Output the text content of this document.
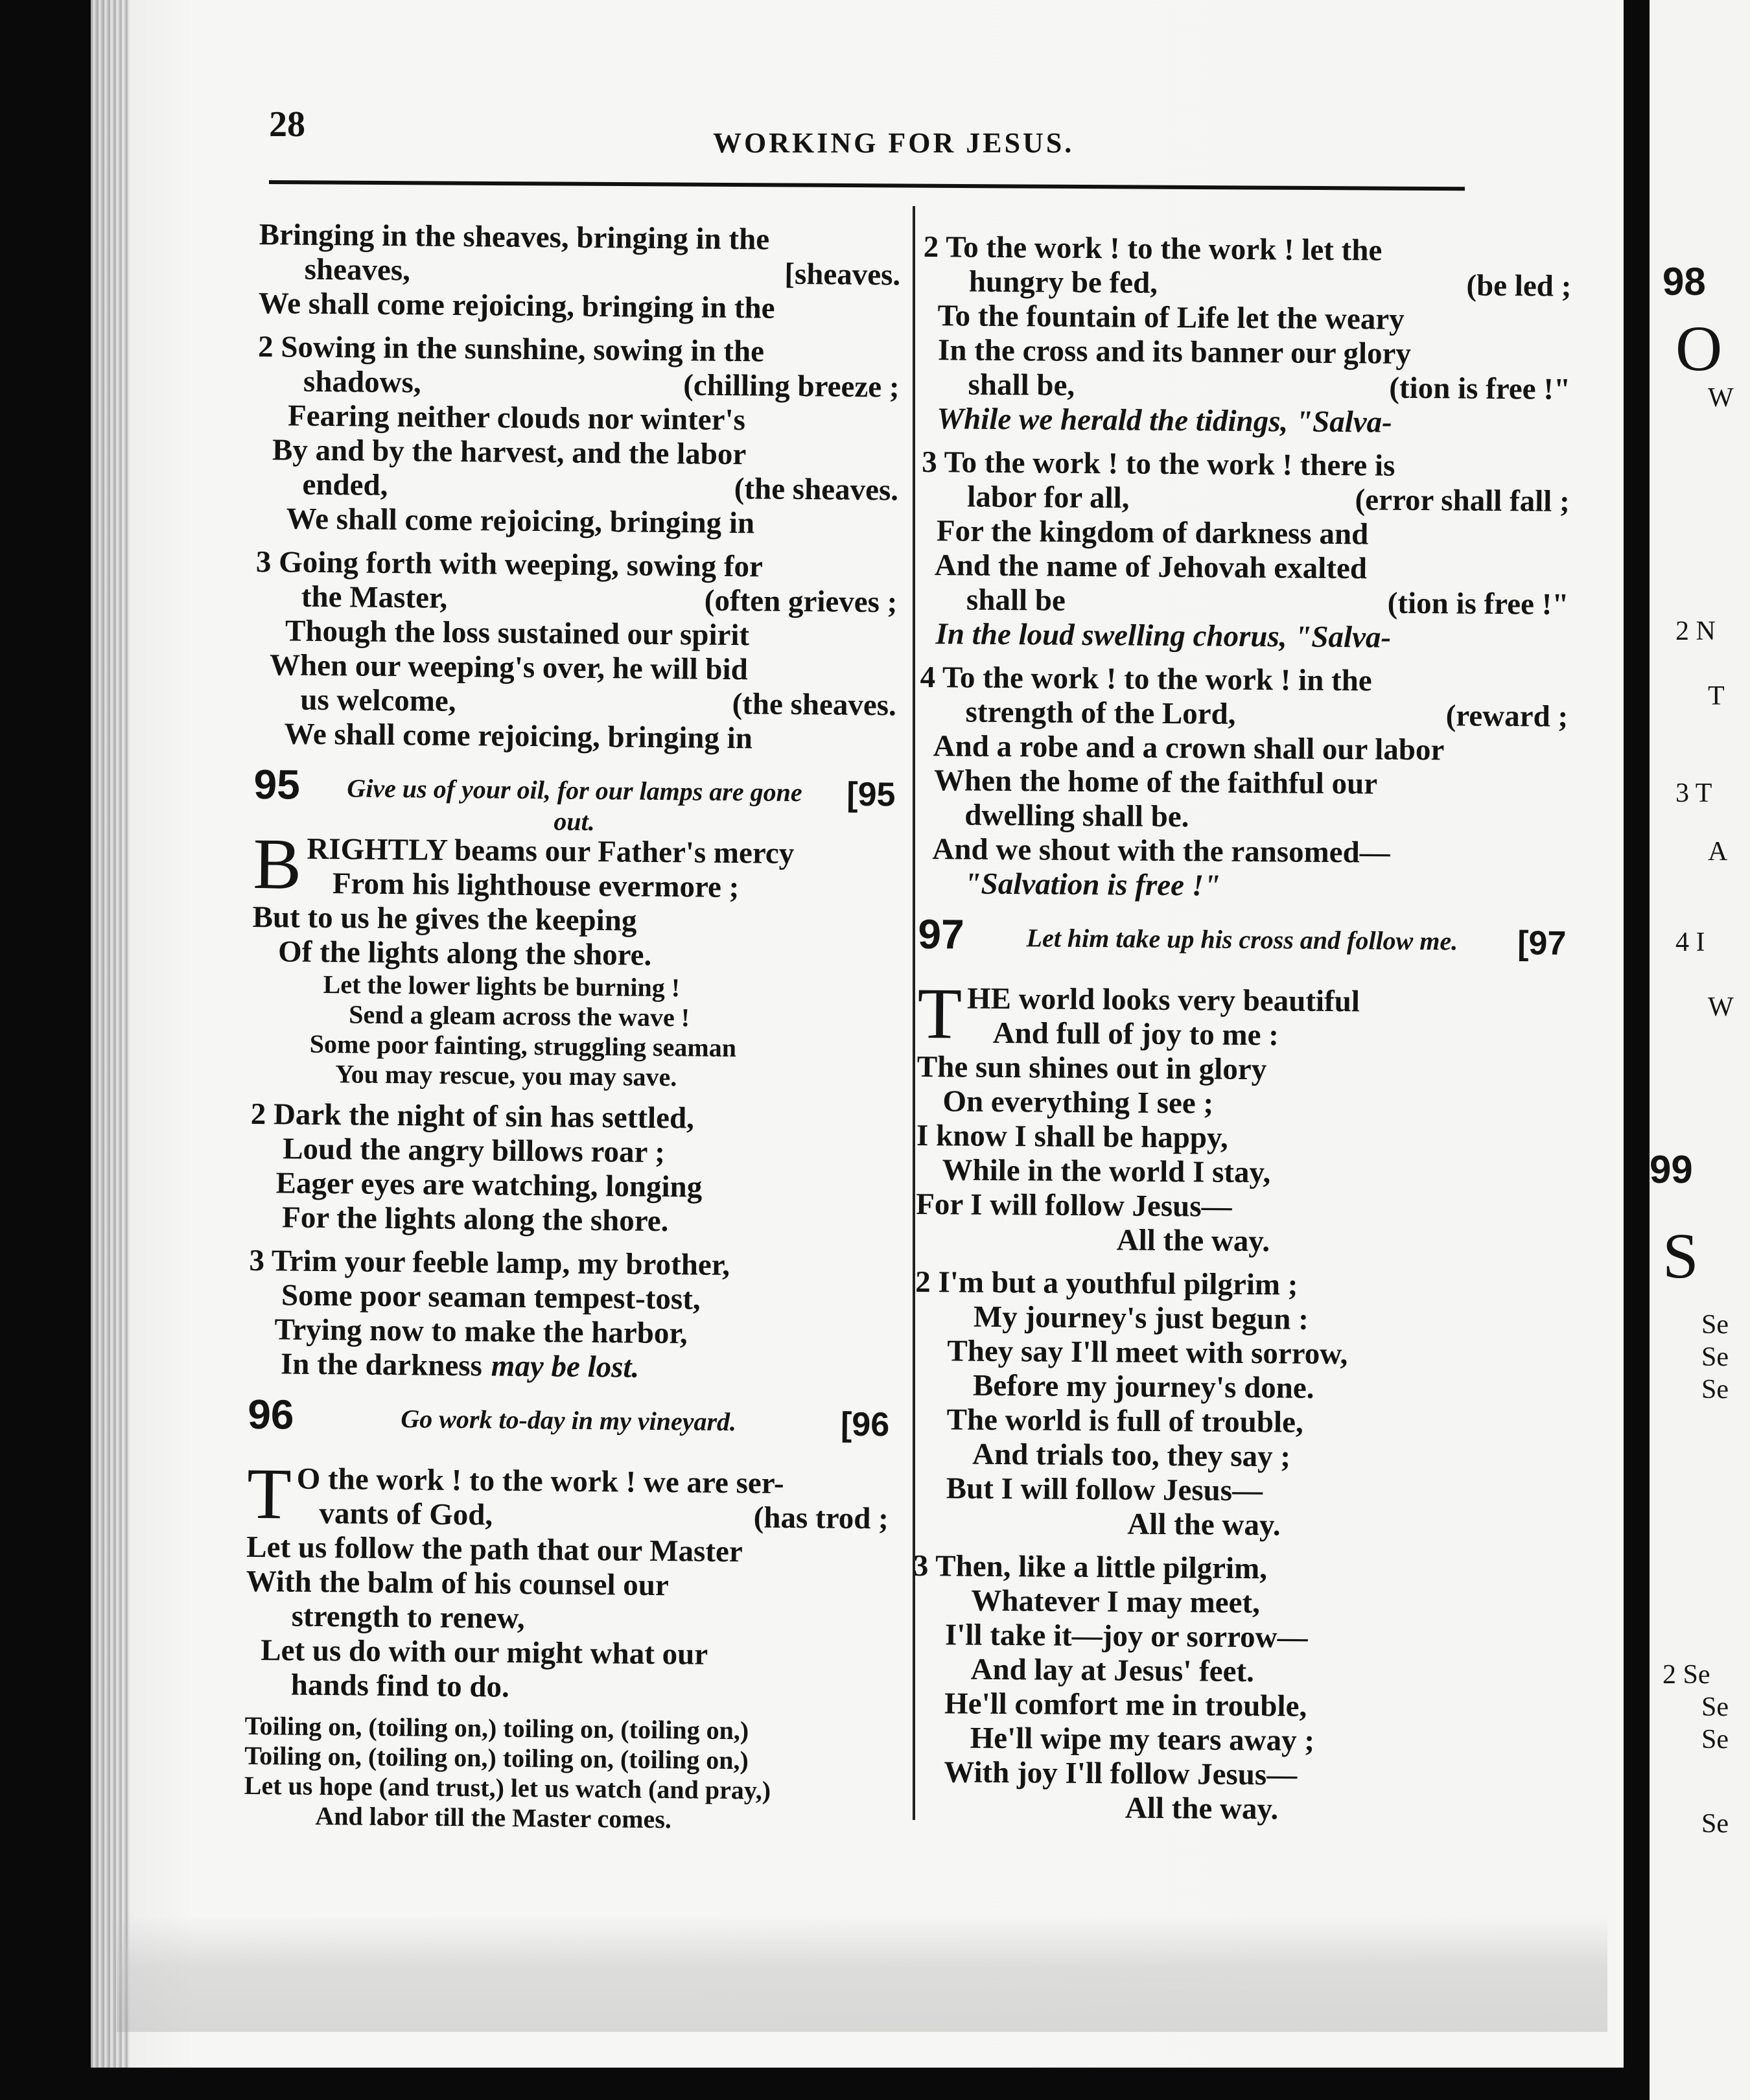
28	WORKING FOR JESUS.
Bringing in the sheaves, bringing in the
sheaves,	[sheaves.
We shall come rejoicing, bringing in the
2 Sowing in the sunshine, sowing in the
shadows,	(chilling breeze ;
Fearing neither clouds nor winter's
By and by the harvest, and the labor
ended,	(the sheaves.
We shall come rejoicing, bringing in
3 Going forth with weeping, sowing for
the Master,	(often grieves ;
Though the loss sustained our spirit
When our weeping's over, he will bid
us welcome,	(the sheaves.
We shall come rejoicing, bringing in
95	Give us of your oil, for our lamps are gone out.
[95
B RIGHTLY beams our Father's mercy
From his lighthouse evermore ;
But to us he gives the keeping
Of the lights along the shore.
Let the lower lights be burning !
Send a gleam across the wave !
Some poor fainting, struggling seaman
You may rescue, you may save.
2 Dark the night of sin has settled,
Loud the angry billows roar ;
Eager eyes are watching, longing
For the lights along the shore.
3 Trim your feeble lamp, my brother,
Some poor seaman tempest-tost,
Trying now to make the harbor,
In the darkness may be lost.
96	Go work to-day in my vineyard.	[96
T O the work ! to the work ! we are ser-
vants of God,	(has trod ;
Let us follow the path that our Master
With the balm of his counsel our
strength to renew,
Let us do with our might what our
hands find to do.
Toiling on, (toiling on,) toiling on, (toiling on,)
Toiling on, (toiling on,) toiling on, (toiling on,)
Let us hope (and trust,) let us watch (and pray,)
And labor till the Master comes.
2 To the work ! to the work ! let the
hungry be fed,	(be led ;
To the fountain of Life let the weary
In the cross and its banner our glory
shall be,	(tion is free !"
While we herald the tidings, "Salva-
3 To the work ! to the work ! there is
labor for all,	(error shall fall ;
For the kingdom of darkness and
And the name of Jehovah exalted
shall be	(tion is free !"
In the loud swelling chorus, "Salva-
4 To the work ! to the work ! in the
strength of the Lord,	(reward ;
And a robe and a crown shall our labor
When the home of the faithful our
dwelling shall be.
And we shout with the ransomed—
"Salvation is free !"
97	Let him take up his cross and follow me.	[97
T HE world looks very beautiful
And full of joy to me :
The sun shines out in glory
On everything I see ;
I know I shall be happy,
While in the world I stay,
For I will follow Jesus—
All the way.
2 I'm but a youthful pilgrim ;
My journey's just begun :
They say I'll meet with sorrow,
Before my journey's done.
The world is full of trouble,
And trials too, they say ;
But I will follow Jesus—
All the way.
3 Then, like a little pilgrim,
Whatever I may meet,
I'll take it—joy or sorrow—
And lay at Jesus' feet.
He'll comfort me in trouble,
He'll wipe my tears away ;
With joy I'll follow Jesus—
All the way.
98
O
W
2 N
T
3 T
A
4 I
W
99
S
Se
Se
Se
2 Se
Se
Se
Se
